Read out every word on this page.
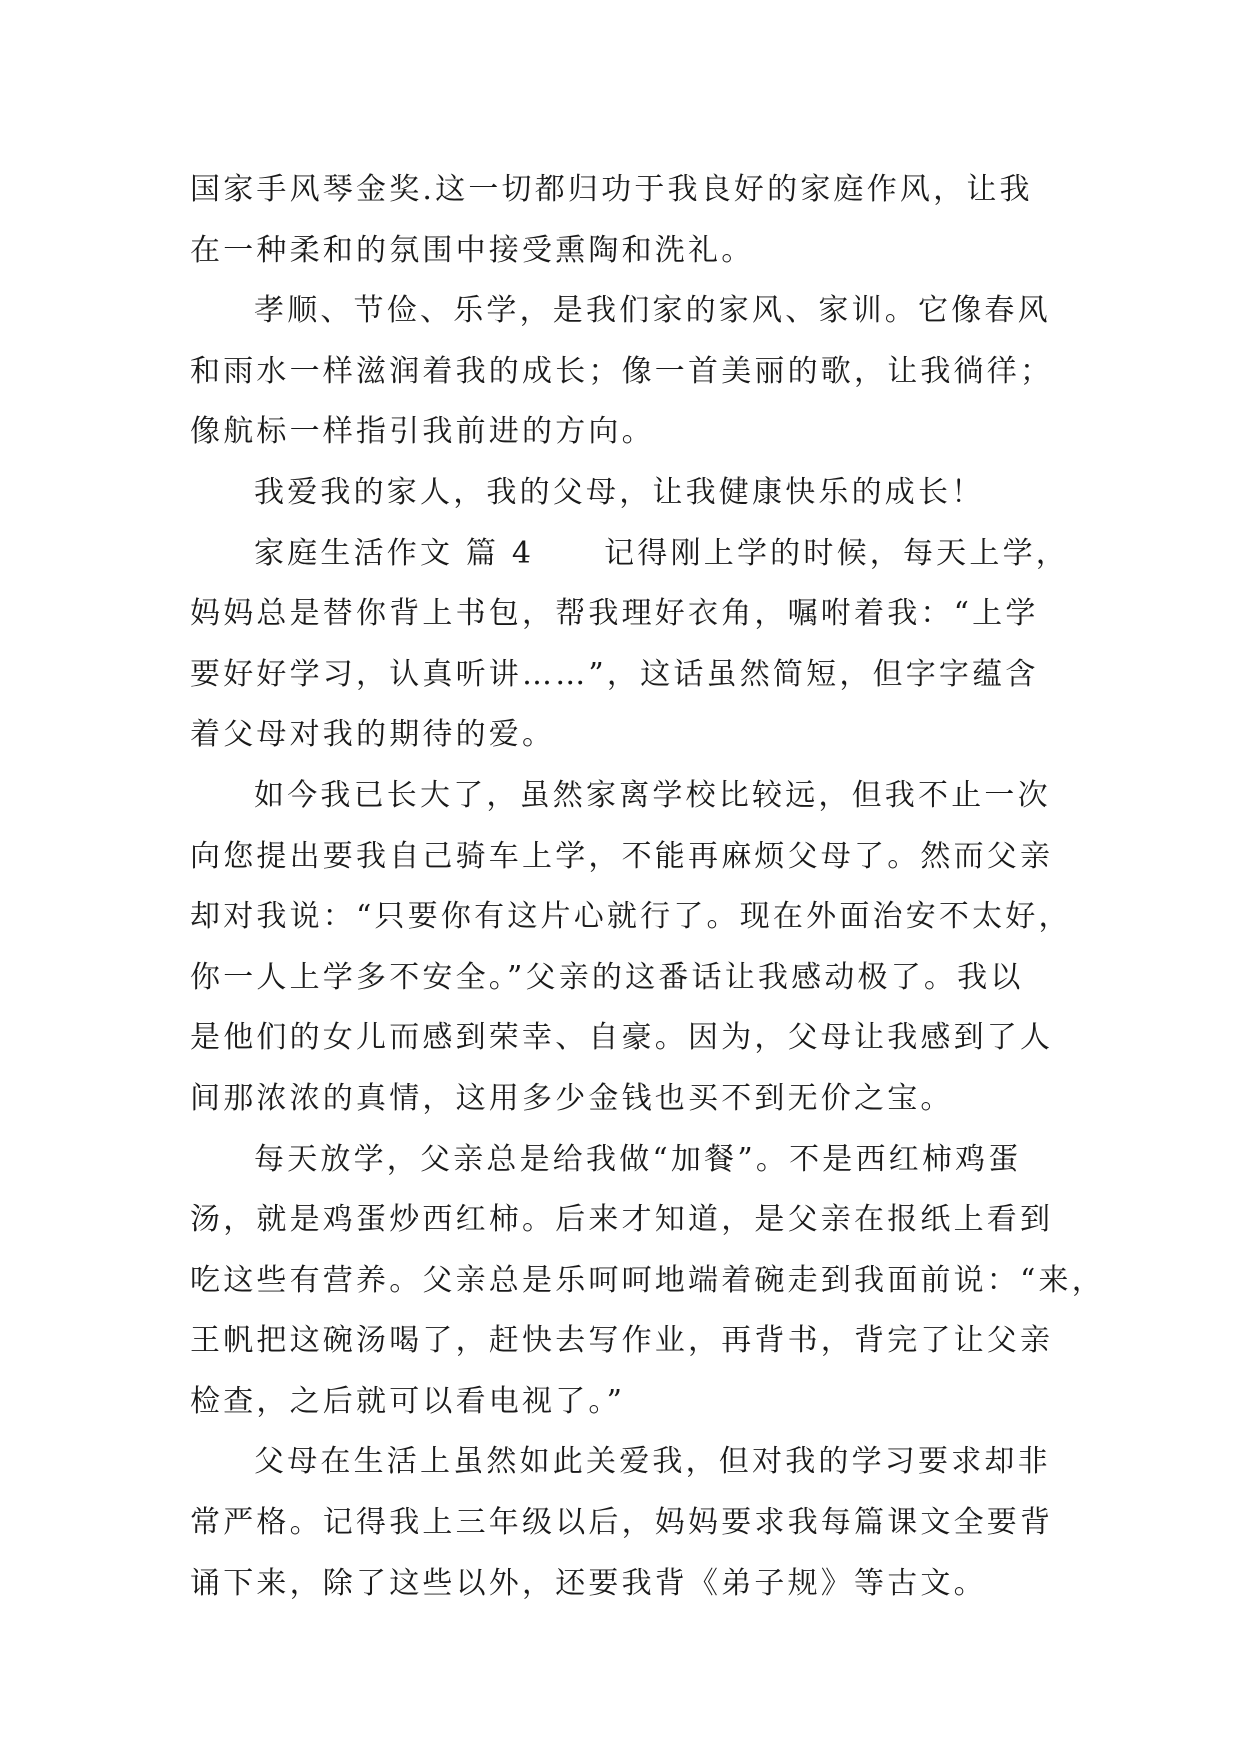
国家手风琴金奖.这一切都归功于我良好的家庭作风，让我
在一种柔和的氛围中接受熏陶和洗礼。
孝顺、节俭、乐学，是我们家的家风、家训。它像春风
和雨水一样滋润着我的成长；像一首美丽的歌，让我徜徉；
像航标一样指引我前进的方向。
我爱我的家人，我的父母，让我健康快乐的成长！
家庭生活作文 篇 4 记得刚上学的时候，每天上学，
妈妈总是替你背上书包，帮我理好衣角，嘱咐着我：“上学
要好好学习，认真听讲……”，这话虽然简短，但字字蕴含
着父母对我的期待的爱。
如今我已长大了，虽然家离学校比较远，但我不止一次
向您提出要我自己骑车上学，不能再麻烦父母了。然而父亲
却对我说：“只要你有这片心就行了。现在外面治安不太好，
你一人上学多不安全。”父亲的这番话让我感动极了。我以
是他们的女儿而感到荣幸、自豪。因为，父母让我感到了人
间那浓浓的真情，这用多少金钱也买不到无价之宝。
每天放学，父亲总是给我做“加餐”。不是西红柿鸡蛋
汤，就是鸡蛋炒西红柿。后来才知道，是父亲在报纸上看到
吃这些有营养。父亲总是乐呵呵地端着碗走到我面前说：“来，
王帆把这碗汤喝了，赶快去写作业，再背书，背完了让父亲
检查，之后就可以看电视了。”
父母在生活上虽然如此关爱我，但对我的学习要求却非
常严格。记得我上三年级以后，妈妈要求我每篇课文全要背
诵下来，除了这些以外，还要我背《弟子规》等古文。
